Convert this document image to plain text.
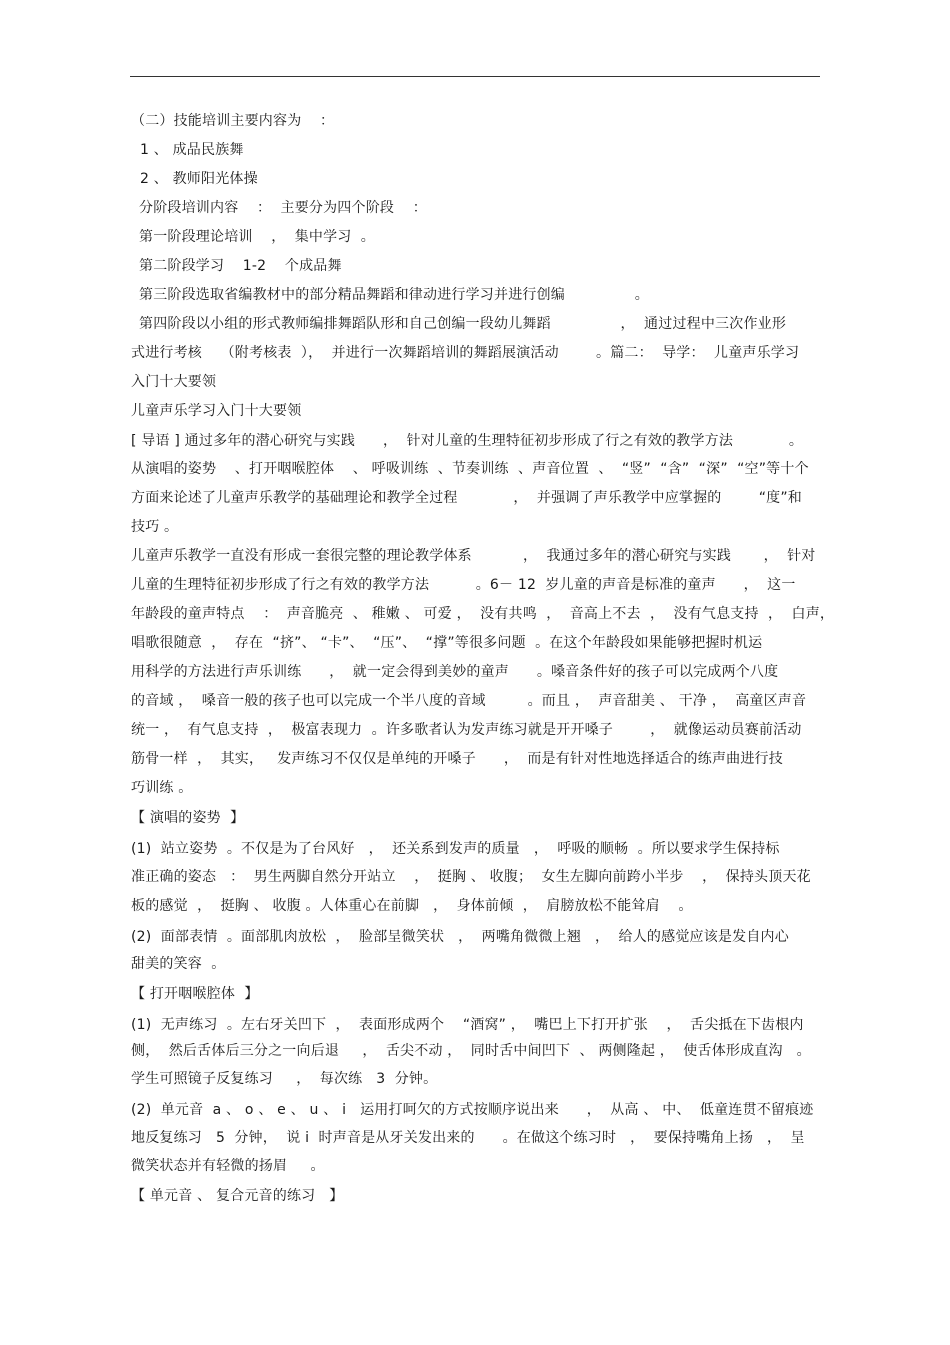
（二）技能培训主要内容为    ：
1 、 成品民族舞
2 、 教师阳光体操
分阶段培训内容    ：  主要分为四个阶段    ：
第一阶段理论培训    ，  集中学习  。
第二阶段学习    1-2    个成品舞
第三阶段选取省编教材中的部分精品舞蹈和律动进行学习并进行创编               。
第四阶段以小组的形式教师编排舞蹈队形和自己创编一段幼儿舞蹈               ，  通过过程中三次作业形
式进行考核    （附考核表  ），  并进行一次舞蹈培训的舞蹈展演活动        。篇二：  导学：  儿童声乐学习
入门十大要领
儿童声乐学习入门十大要领
[ 导语 ] 通过多年的潜心研究与实践      ，  针对儿童的生理特征初步形成了行之有效的教学方法            。
从演唱的姿势    、打开咽喉腔体    、 呼吸训练  、节奏训练  、声音位置  、  “竖”  “含”  “深”  “空”等十个
方面来论述了儿童声乐教学的基础理论和教学全过程            ，  并强调了声乐教学中应掌握的        “度”和
技巧 。
儿童声乐教学一直没有形成一套很完整的理论教学体系           ，  我通过多年的潜心研究与实践       ，  针对
儿童的生理特征初步形成了行之有效的教学方法          。6－ 12  岁儿童的声音是标准的童声      ，  这一
年龄段的童声特点    ：  声音脆亮  、 稚嫩 、 可爱 ，  没有共鸣  ，  音高上不去  ，  没有气息支持  ，  白声，
唱歌很随意  ，  存在  “挤”、 “卡”、  “压”、  “撑”等很多问题  。在这个年龄段如果能够把握时机运
用科学的方法进行声乐训练      ，  就一定会得到美妙的童声      。嗓音条件好的孩子可以完成两个八度
的音域 ，  嗓音一般的孩子也可以完成一个半八度的音域         。而且 ，  声音甜美 、 干净 ，  高童区声音
统一 ，  有气息支持  ，  极富表现力  。许多歌者认为发声练习就是开开嗓子        ，  就像运动员赛前活动
筋骨一样  ，  其实，   发声练习不仅仅是单纯的开嗓子      ，  而是有针对性地选择适合的练声曲进行技
巧训练 。
【 演唱的姿势  】
(1)  站立姿势  。不仅是为了台风好   ，  还关系到发声的质量   ，  呼吸的顺畅  。所以要求学生保持标
准正确的姿态   ：  男生两脚自然分开站立    ，  挺胸 、 收腹；  女生左脚向前跨小半步    ，  保持头顶天花
板的感觉  ，  挺胸 、 收腹 。人体重心在前脚   ，  身体前倾  ，  肩膀放松不能耸肩    。
(2)  面部表情  。面部肌肉放松  ，  脸部呈微笑状   ，  两嘴角微微上翘   ，  给人的感觉应该是发自内心
甜美的笑容  。
【 打开咽喉腔体  】
(1)  无声练习  。左右牙关凹下  ，  表面形成两个    “酒窝” ，  嘴巴上下打开扩张    ，  舌尖抵在下齿根内
侧，  然后舌体后三分之一向后退     ，  舌尖不动 ，  同时舌中间凹下  、 两侧隆起 ，  使舌体形成直沟   。
学生可照镜子反复练习     ，  每次练   3  分钟。
(2)  单元音  a 、 o 、 e 、 u 、 i   运用打呵欠的方式按顺序说出来      ，  从高 、 中、  低童连贯不留痕迹
地反复练习   5  分钟，  说 i  时声音是从牙关发出来的      。在做这个练习时   ，  要保持嘴角上扬   ，  呈
微笑状态并有轻微的扬眉     。
【 单元音 、 复合元音的练习   】
